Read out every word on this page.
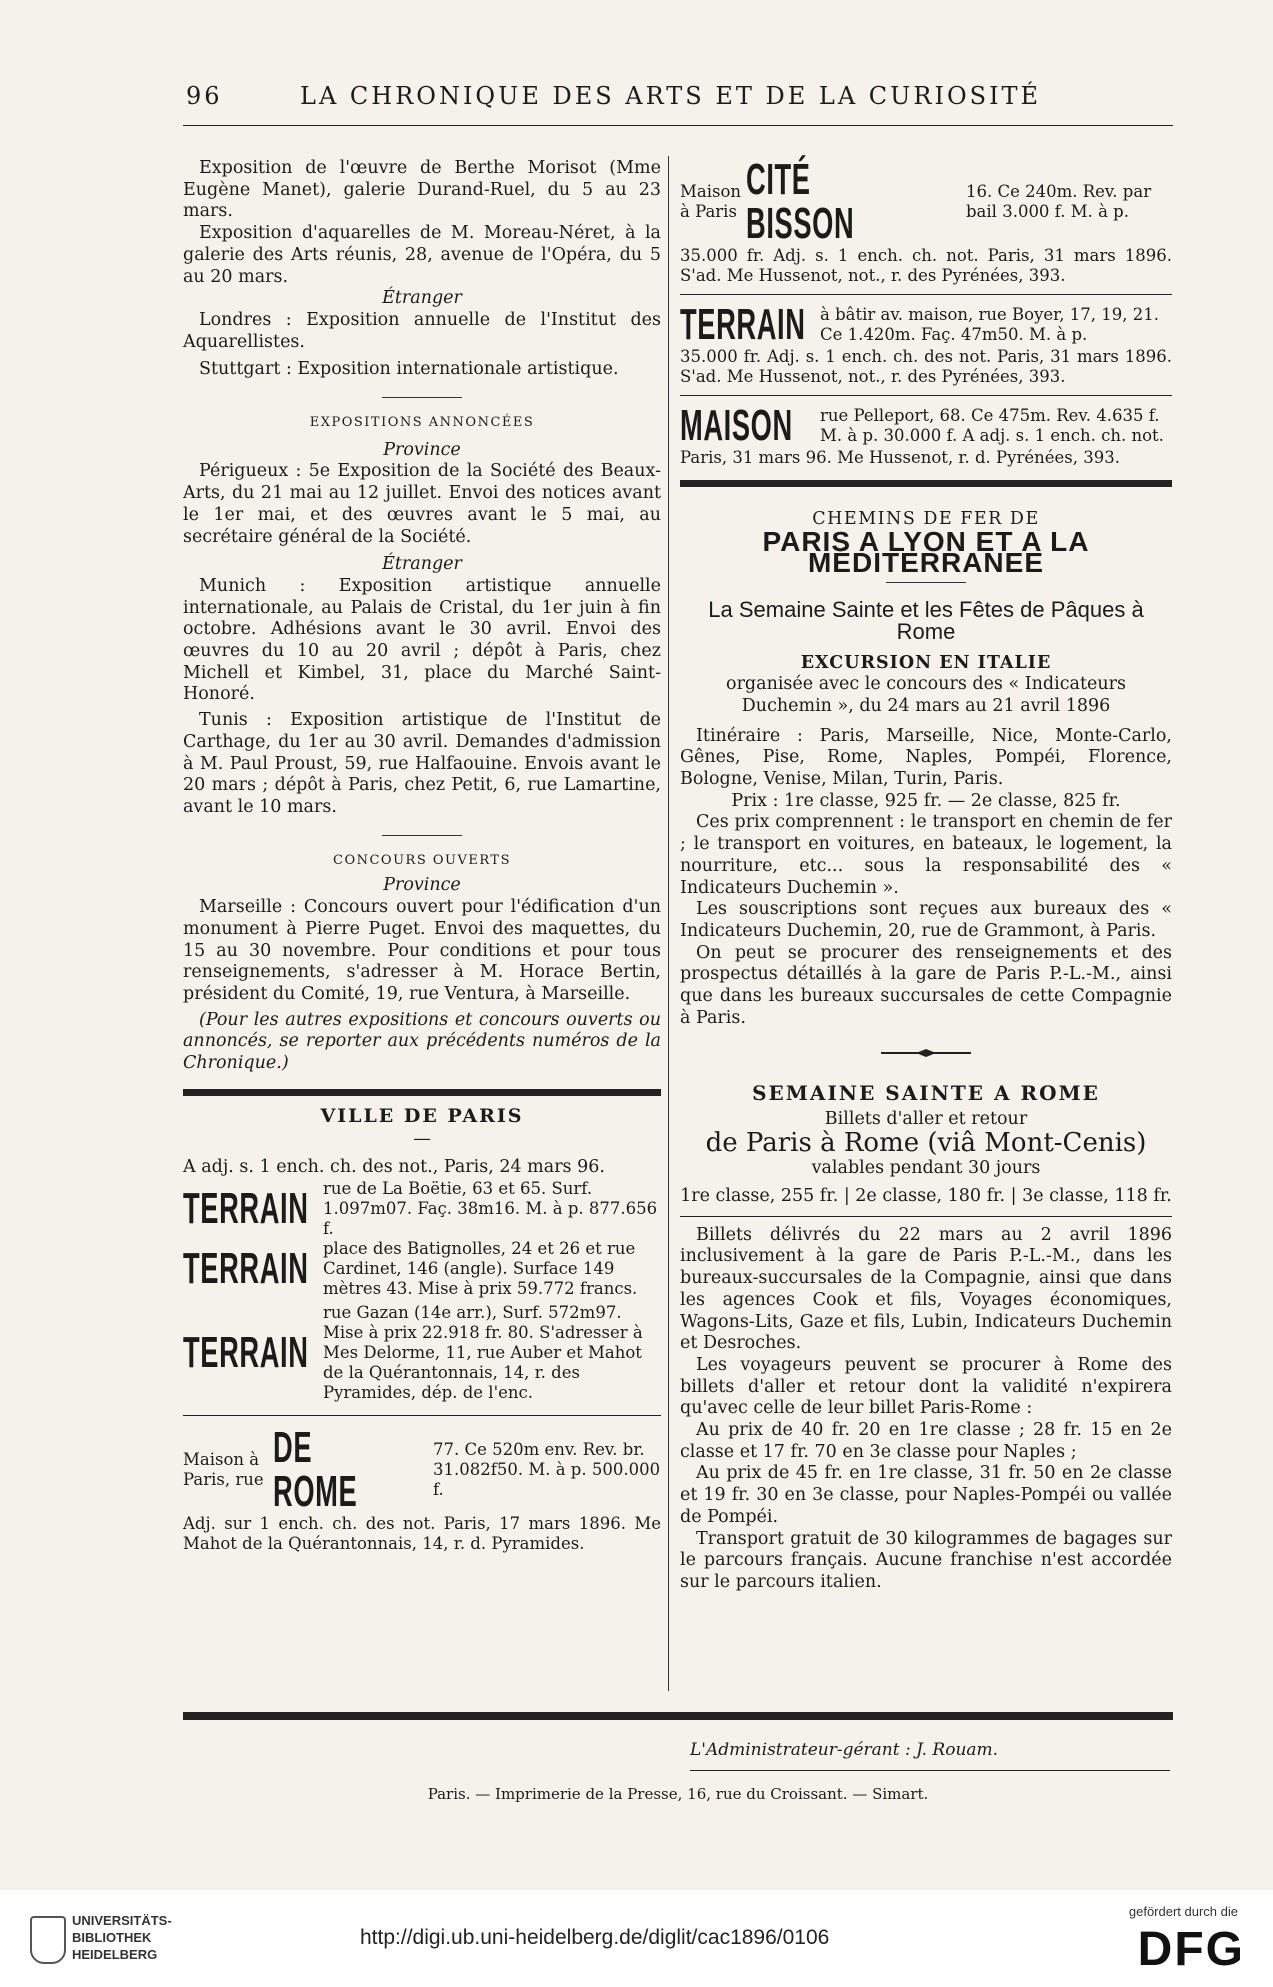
96	LA CHRONIQUE DES ARTS ET DE LA CURIOSITÉ

Exposition de l'œuvre de Berthe Morisot (Mme Eugène Manet), galerie Durand-Ruel, du 5 au 23 mars.

Exposition d'aquarelles de M. Moreau-Néret, à la galerie des Arts réunis, 28, avenue de l'Opéra, du 5 au 20 mars.

Étranger

Londres : Exposition annuelle de l'Institut des Aquarellistes.

Stuttgart : Exposition internationale artistique.

EXPOSITIONS ANNONCÉES

Province

Périgueux : 5e Exposition de la Société des Beaux-Arts, du 21 mai au 12 juillet. Envoi des notices avant le 1er mai, et des œuvres avant le 5 mai, au secrétaire général de la Société.

Étranger

Munich : Exposition artistique annuelle internationale, au Palais de Cristal, du 1er juin à fin octobre. Adhésions avant le 30 avril. Envoi des œuvres du 10 au 20 avril ; dépôt à Paris, chez Michell et Kimbel, 31, place du Marché Saint-Honoré.

Tunis : Exposition artistique de l'Institut de Carthage, du 1er au 30 avril. Demandes d'admission à M. Paul Proust, 59, rue Halfaouine. Envois avant le 20 mars ; dépôt à Paris, chez Petit, 6, rue Lamartine, avant le 10 mars.

CONCOURS OUVERTS

Province

Marseille : Concours ouvert pour l'édification d'un monument à Pierre Puget. Envoi des maquettes, du 15 au 30 novembre. Pour conditions et pour tous renseignements, s'adresser à M. Horace Bertin, président du Comité, 19, rue Ventura, à Marseille.

(Pour les autres expositions et concours ouverts ou annoncés, se reporter aux précédents numéros de la Chronique.)

VILLE DE PARIS

—

A adj. s. 1 ench. ch. des not., Paris, 24 mars 96.

TERRAIN rue de La Boëtie, 63 et 65. Surf. 1.097m07. Faç. 38m16. M. à p. 877.656 f.
TERRAIN place des Batignolles, 24 et 26 et rue Cardinet, 146 (angle). Surface 149 mètres 43. Mise à prix 59.772 francs.
TERRAIN
rue Gazan (14e arr.), Surf. 572m97. Mise à prix 22.918 fr. 80. S'adresser à Mes Delorme, 11, rue Auber et Mahot de la Quérantonnais, 14, r. des Pyramides, dép. de l'enc.
Maison à Paris, rue
DE ROME
77. Ce 520m env. Rev. br. 31.082f50. M. à p. 500.000 f.

Adj. sur 1 ench. ch. des not. Paris, 17 mars 1896. Me Mahot de la Quérantonnais, 14, r. d. Pyramides.

Maison à Paris
CITÉ BISSON
16. Ce 240m. Rev. par bail 3.000 f. M. à p.

35.000 fr. Adj. s. 1 ench. ch. not. Paris, 31 mars 1896. S'ad. Me Hussenot, not., r. des Pyrénées, 393.

TERRAIN à bâtir av. maison, rue Boyer, 17, 19, 21. Ce 1.420m. Faç. 47m50. M. à p.

35.000 fr. Adj. s. 1 ench. ch. des not. Paris, 31 mars 1896. S'ad. Me Hussenot, not., r. des Pyrénées, 393.

MAISON	rue Pelleport, 68. Ce 475m. Rev. 4.635 f. M. à p. 30.000 f. A adj. s. 1 ench. ch. not.

Paris, 31 mars 96. Me Hussenot, r. d. Pyrénées, 393.

CHEMINS DE FER DE

PARIS A LYON ET A LA MÉDITERRANEE

La Semaine Sainte et les Fêtes de Pâques à Rome

EXCURSION EN ITALIE

organisée avec le concours des « Indicateurs Duchemin », du 24 mars au 21 avril 1896

Itinéraire : Paris, Marseille, Nice, Monte-Carlo, Gênes, Pise, Rome, Naples, Pompéi, Florence, Bologne, Venise, Milan, Turin, Paris.

Prix : 1re classe, 925 fr. — 2e classe, 825 fr.

Ces prix comprennent : le transport en chemin de fer ; le transport en voitures, en bateaux, le logement, la nourriture, etc... sous la responsabilité des « Indicateurs Duchemin ».

Les souscriptions sont reçues aux bureaux des « Indicateurs Duchemin, 20, rue de Grammont, à Paris.

On peut se procurer des renseignements et des prospectus détaillés à la gare de Paris P.-L.-M., ainsi que dans les bureaux succursales de cette Compagnie à Paris.

SEMAINE SAINTE A ROME

Billets d'aller et retour

de Paris à Rome (viâ Mont-Cenis)

valables pendant 30 jours

1re classe, 255 fr. | 2e classe, 180 fr. | 3e classe, 118 fr.

Billets délivrés du 22 mars au 2 avril 1896 inclusivement à la gare de Paris P.-L.-M., dans les bureaux-succursales de la Compagnie, ainsi que dans les agences Cook et fils, Voyages économiques, Wagons-Lits, Gaze et fils, Lubin, Indicateurs Duchemin et Desroches.

Les voyageurs peuvent se procurer à Rome des billets d'aller et retour dont la validité n'expirera qu'avec celle de leur billet Paris-Rome :

Au prix de 40 fr. 20 en 1re classe ; 28 fr. 15 en 2e classe et 17 fr. 70 en 3e classe pour Naples ;

Au prix de 45 fr. en 1re classe, 31 fr. 50 en 2e classe et 19 fr. 30 en 3e classe, pour Naples-Pompéi ou vallée de Pompéi.

Transport gratuit de 30 kilogrammes de bagages sur le parcours français. Aucune franchise n'est accordée sur le parcours italien.

L'Administrateur-gérant : J. Rouam.
Paris. — Imprimerie de la Presse, 16, rue du Croissant. — Simart.
UNIVERSITÄTS-
BIBLIOTHEK
HEIDELBERG
http://digi.ub.uni-heidelberg.de/diglit/cac1896/0106
gefördert durch die
DFG
